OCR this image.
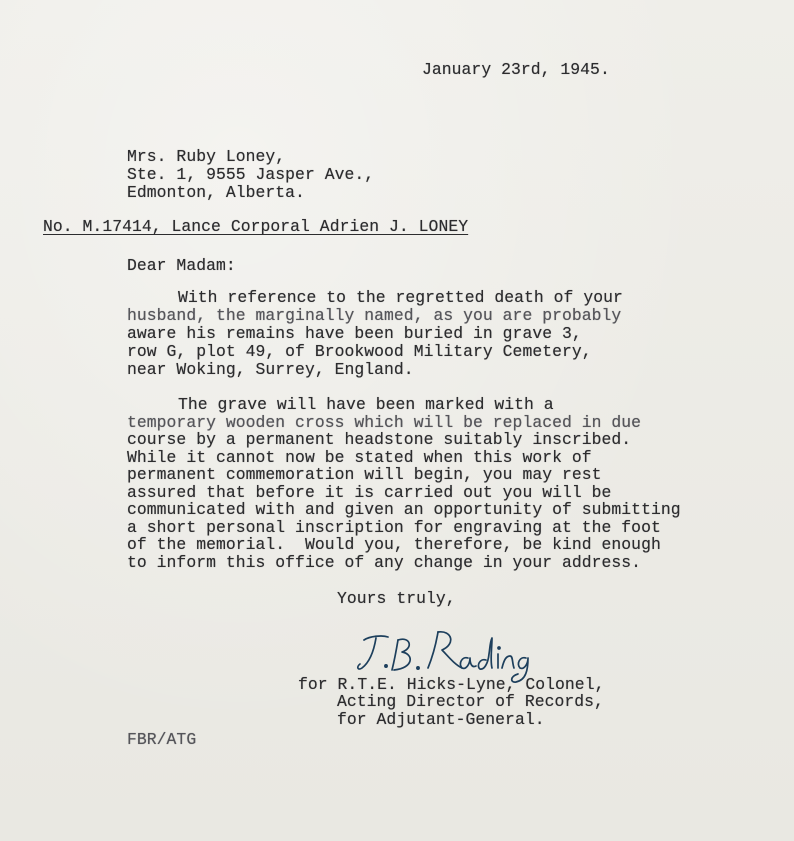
January 23rd, 1945.
Mrs. Ruby Loney,
Ste. 1, 9555 Jasper Ave.,
Edmonton, Alberta.
No. M.17414, Lance Corporal Adrien J. LONEY
Dear Madam:
With reference to the regretted death of your
husband, the marginally named, as you are probably
aware his remains have been buried in grave 3,
row G, plot 49, of Brookwood Military Cemetery,
near Woking, Surrey, England.
The grave will have been marked with a
temporary wooden cross which will be replaced in due
course by a permanent headstone suitably inscribed.
While it cannot now be stated when this work of
permanent commemoration will begin, you may rest
assured that before it is carried out you will be
communicated with and given an opportunity of submitting
a short personal inscription for engraving at the foot
of the memorial.  Would you, therefore, be kind enough
to inform this office of any change in your address.
Yours truly,
for R.T.E. Hicks-Lyne, Colonel,
Acting Director of Records,
for Adjutant-General.
FBR/ATG
